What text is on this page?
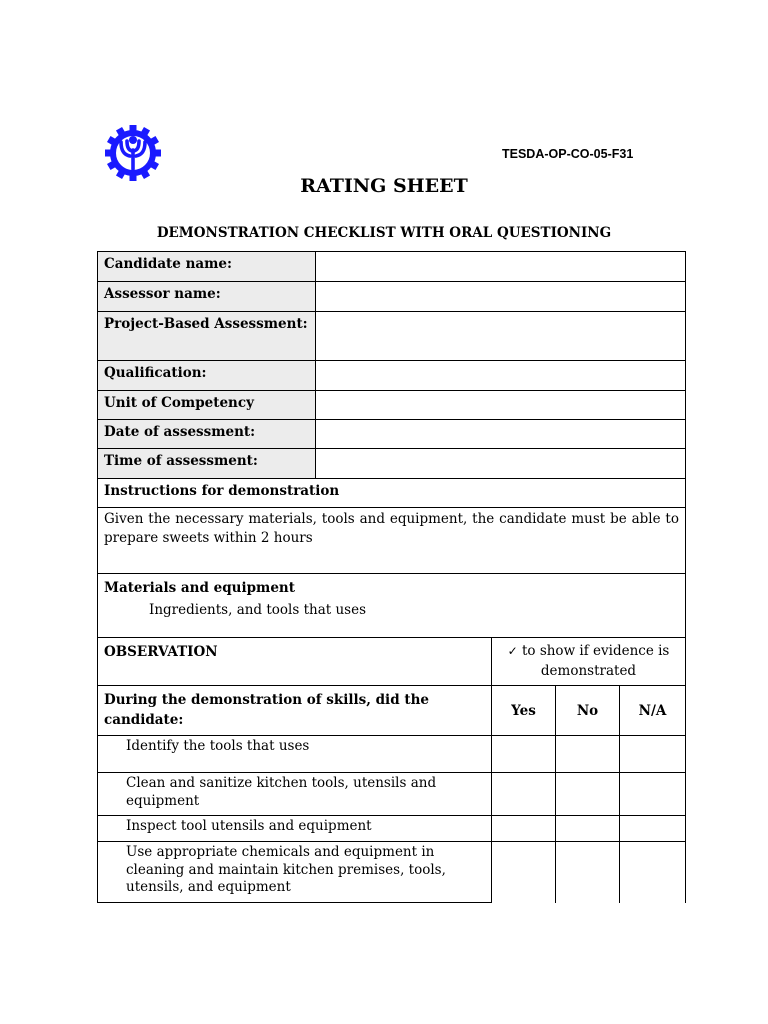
TESDA-OP-CO-05-F31
RATING SHEET
DEMONSTRATION CHECKLIST WITH ORAL QUESTIONING
Candidate name:
Assessor name:
Project-Based Assessment:
Qualification:
Unit of Competency
Date of assessment:
Time of assessment:
Instructions for demonstration
Given the necessary materials, tools and equipment, the candidate must be able to prepare sweets within 2 hours
Materials and equipment
Ingredients, and tools that uses
OBSERVATION	✓ to show if evidence is demonstrated
During the demonstration of skills, did the candidate:
Yes	No	N/A
Identify the tools that uses
Clean and sanitize kitchen tools, utensils and equipment
Inspect tool utensils and equipment
Use appropriate chemicals and equipment in cleaning and maintain kitchen premises, tools, utensils, and equipment
